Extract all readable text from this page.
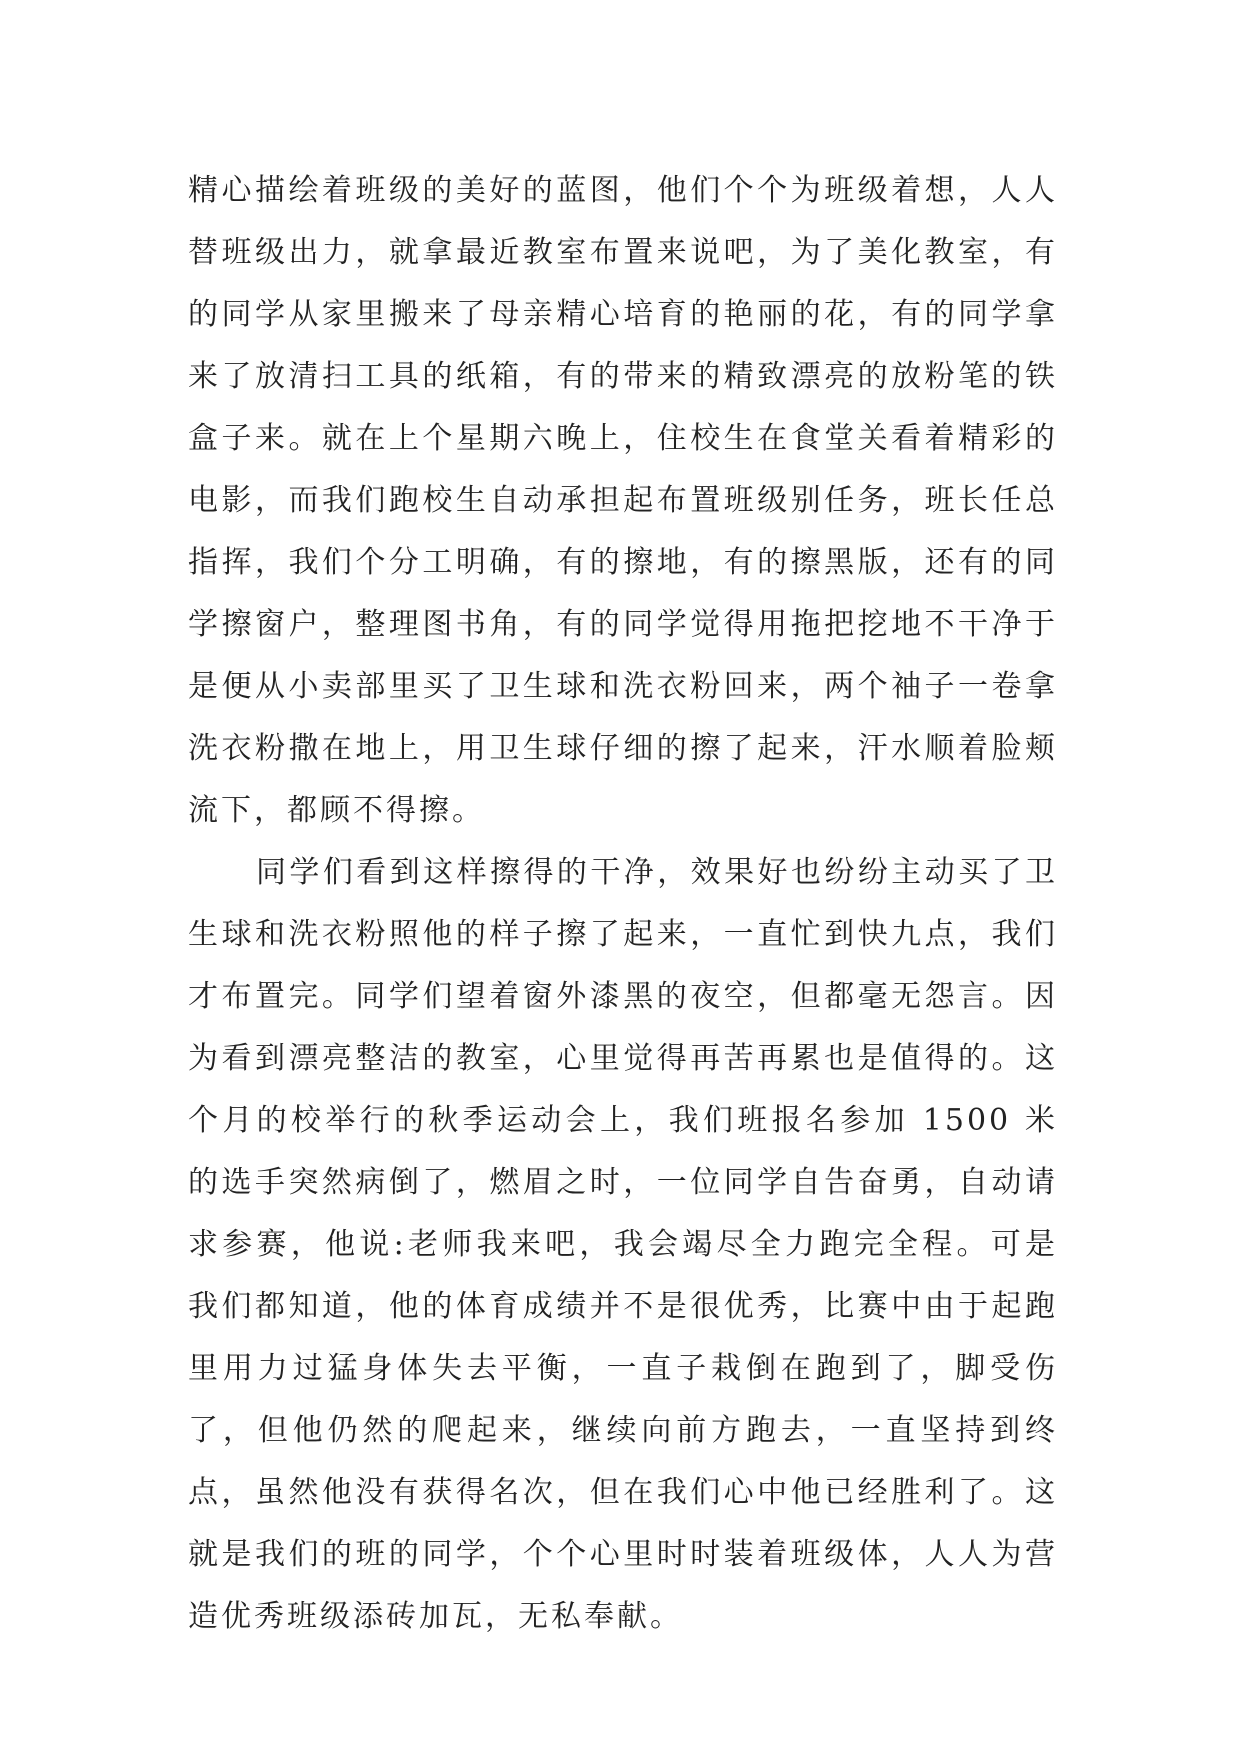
精心描绘着班级的美好的蓝图，他们个个为班级着想，人人替班级出力，就拿最近教室布置来说吧，为了美化教室，有的同学从家里搬来了母亲精心培育的艳丽的花，有的同学拿来了放清扫工具的纸箱，有的带来的精致漂亮的放粉笔的铁盒子来。就在上个星期六晚上，住校生在食堂关看着精彩的电影，而我们跑校生自动承担起布置班级别任务，班长任总指挥，我们个分工明确，有的擦地，有的擦黑版，还有的同学擦窗户，整理图书角，有的同学觉得用拖把挖地不干净于是便从小卖部里买了卫生球和洗衣粉回来，两个袖子一卷拿洗衣粉撒在地上，用卫生球仔细的擦了起来，汗水顺着脸颊流下，都顾不得擦。

同学们看到这样擦得的干净，效果好也纷纷主动买了卫生球和洗衣粉照他的样子擦了起来，一直忙到快九点，我们才布置完。同学们望着窗外漆黑的夜空，但都毫无怨言。因为看到漂亮整洁的教室，心里觉得再苦再累也是值得的。这个月的校举行的秋季运动会上，我们班报名参加 1500 米的选手突然病倒了，燃眉之时，一位同学自告奋勇，自动请求参赛，他说:老师我来吧，我会竭尽全力跑完全程。可是我们都知道，他的体育成绩并不是很优秀，比赛中由于起跑里用力过猛身体失去平衡，一直子栽倒在跑到了，脚受伤了，但他仍然的爬起来，继续向前方跑去，一直坚持到终点，虽然他没有获得名次，但在我们心中他已经胜利了。这就是我们的班的同学，个个心里时时装着班级体，人人为营造优秀班级添砖加瓦，无私奉献。
